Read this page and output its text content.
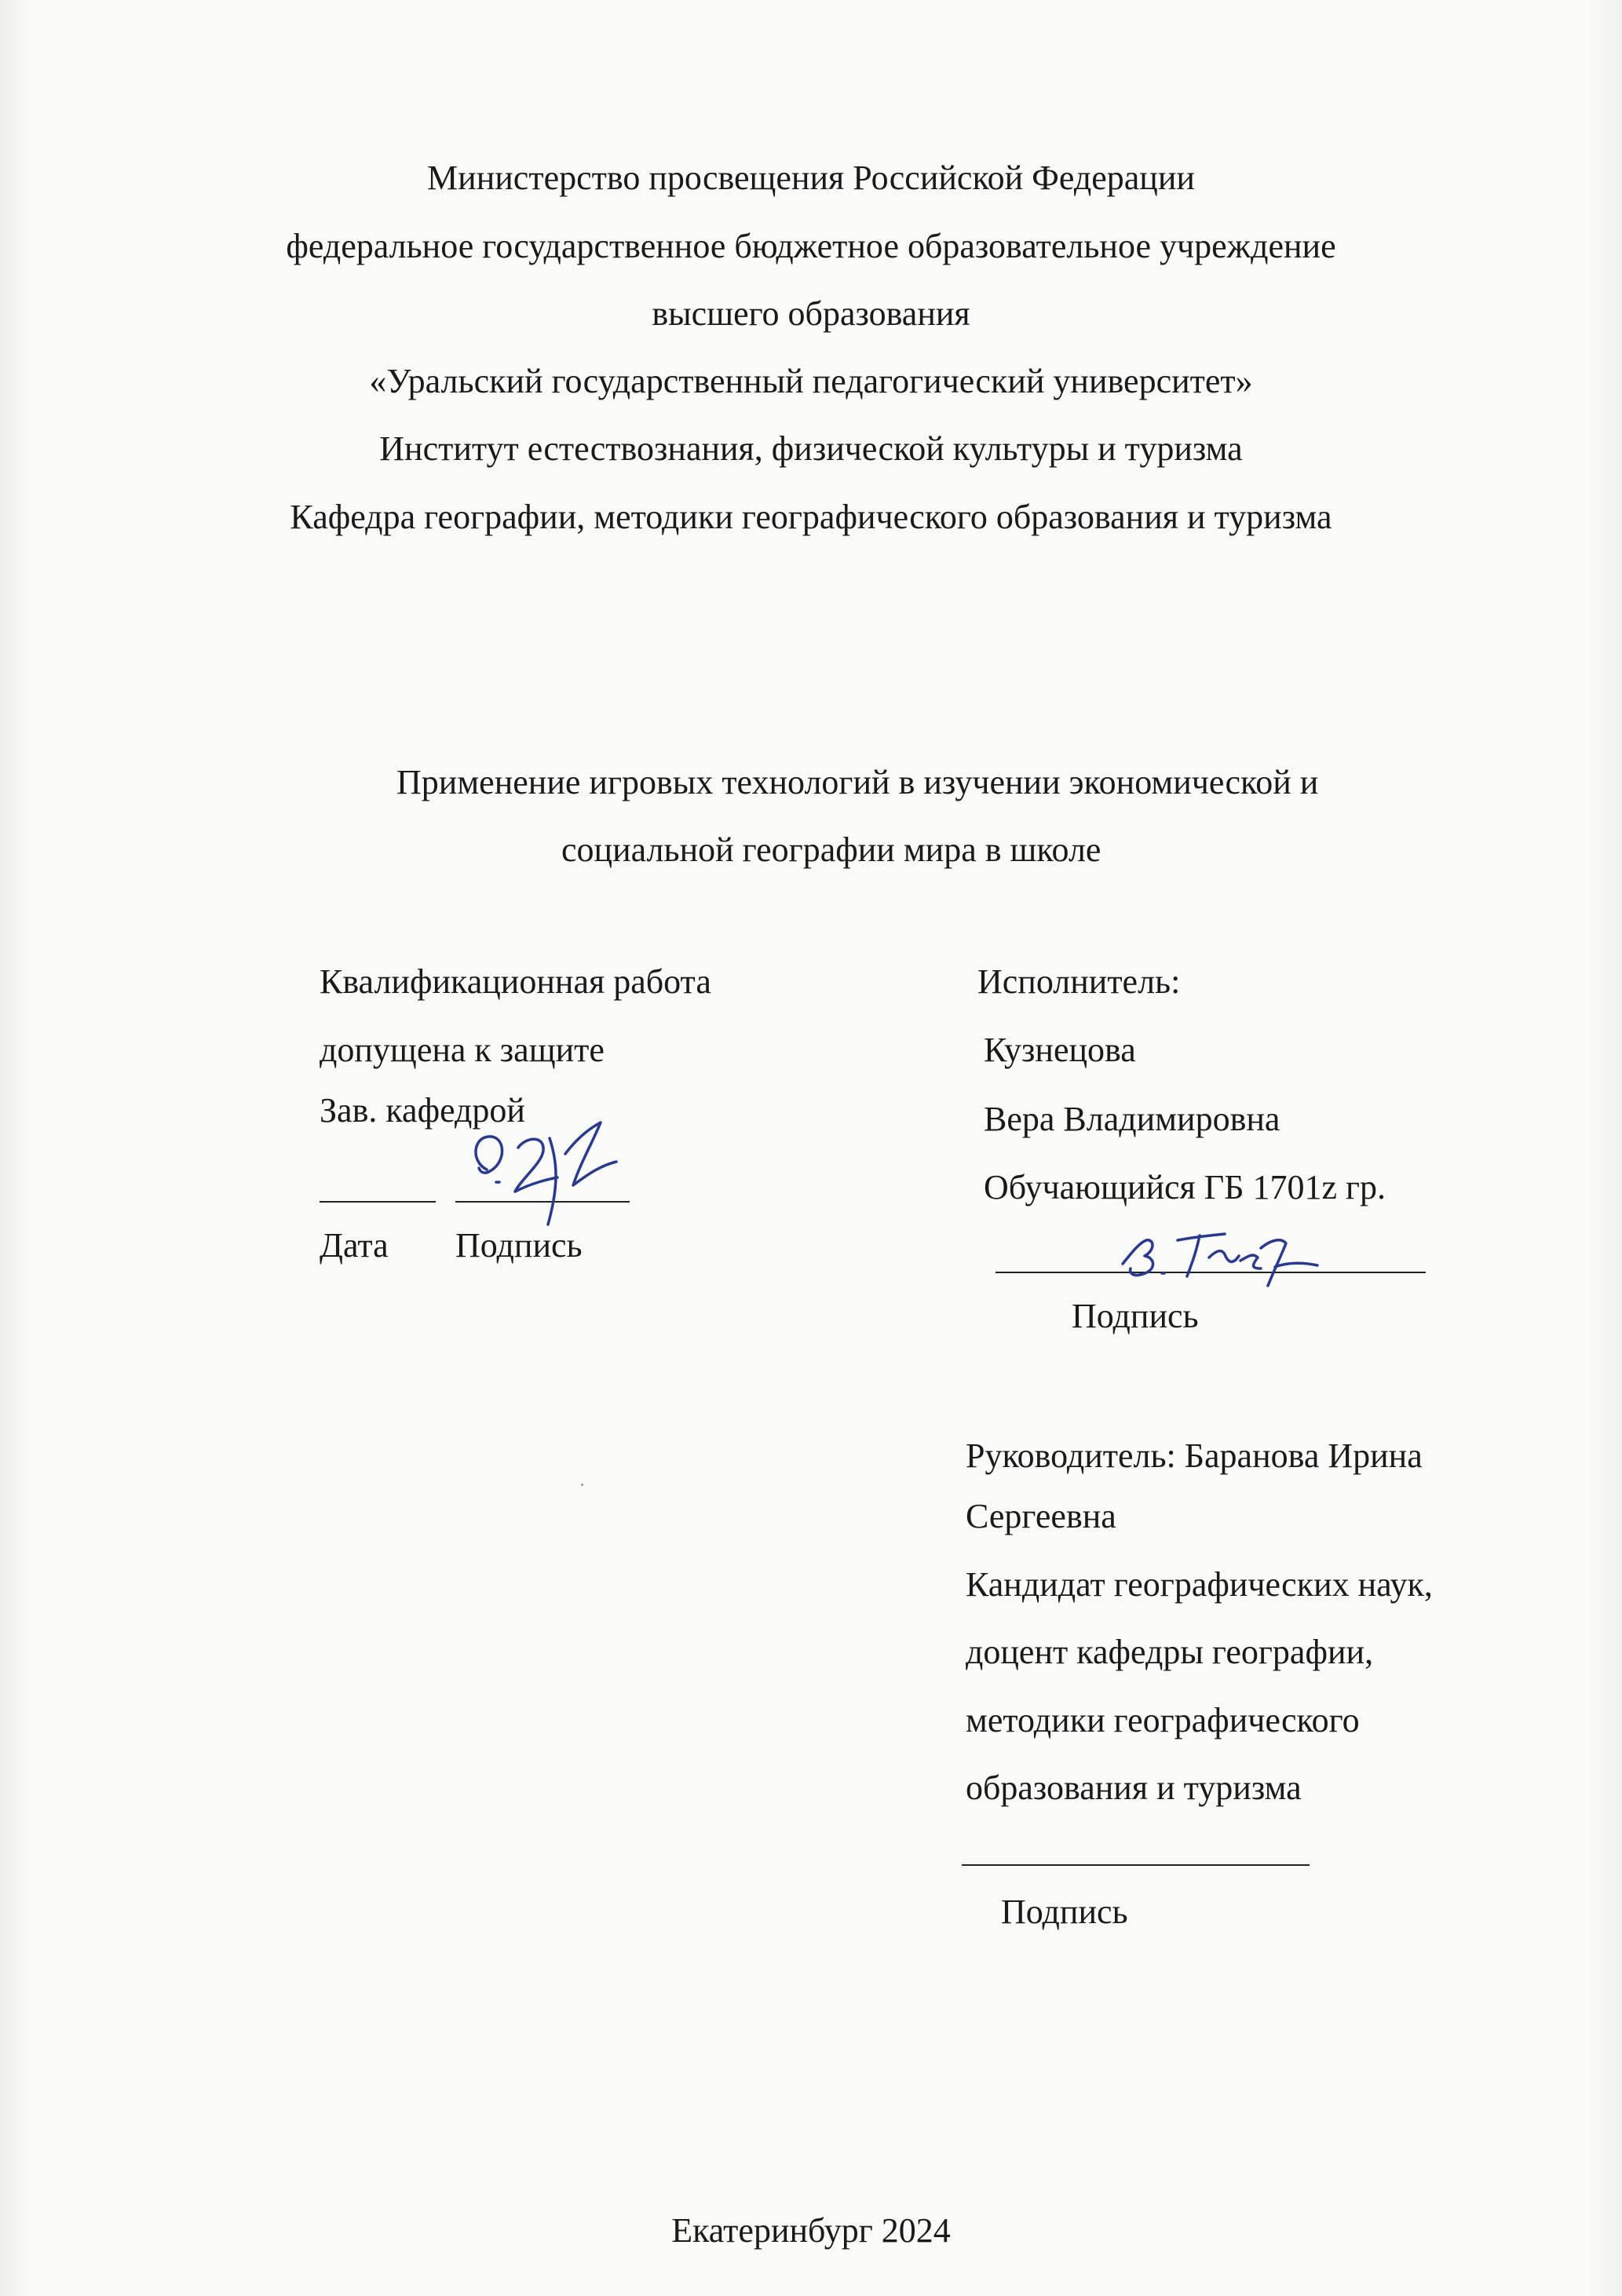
Министерство просвещения Российской Федерации
федеральное государственное бюджетное образовательное учреждение
высшего образования
«Уральский государственный педагогический университет»
Институт естествознания, физической культуры и туризма
Кафедра географии, методики географического образования и туризма
Применение игровых технологий в изучении экономической и
социальной географии мира в школе
Квалификационная работа
допущена к защите
Зав. кафедрой
Дата Подпись
Исполнитель:
Кузнецова
Вера Владимировна
Обучающийся ГБ 1701z гр.
Подпись
Руководитель: Баранова Ирина
Сергеевна
Кандидат географических наук,
доцент кафедры географии,
методики географического
образования и туризма
Подпись
Екатеринбург 2024
